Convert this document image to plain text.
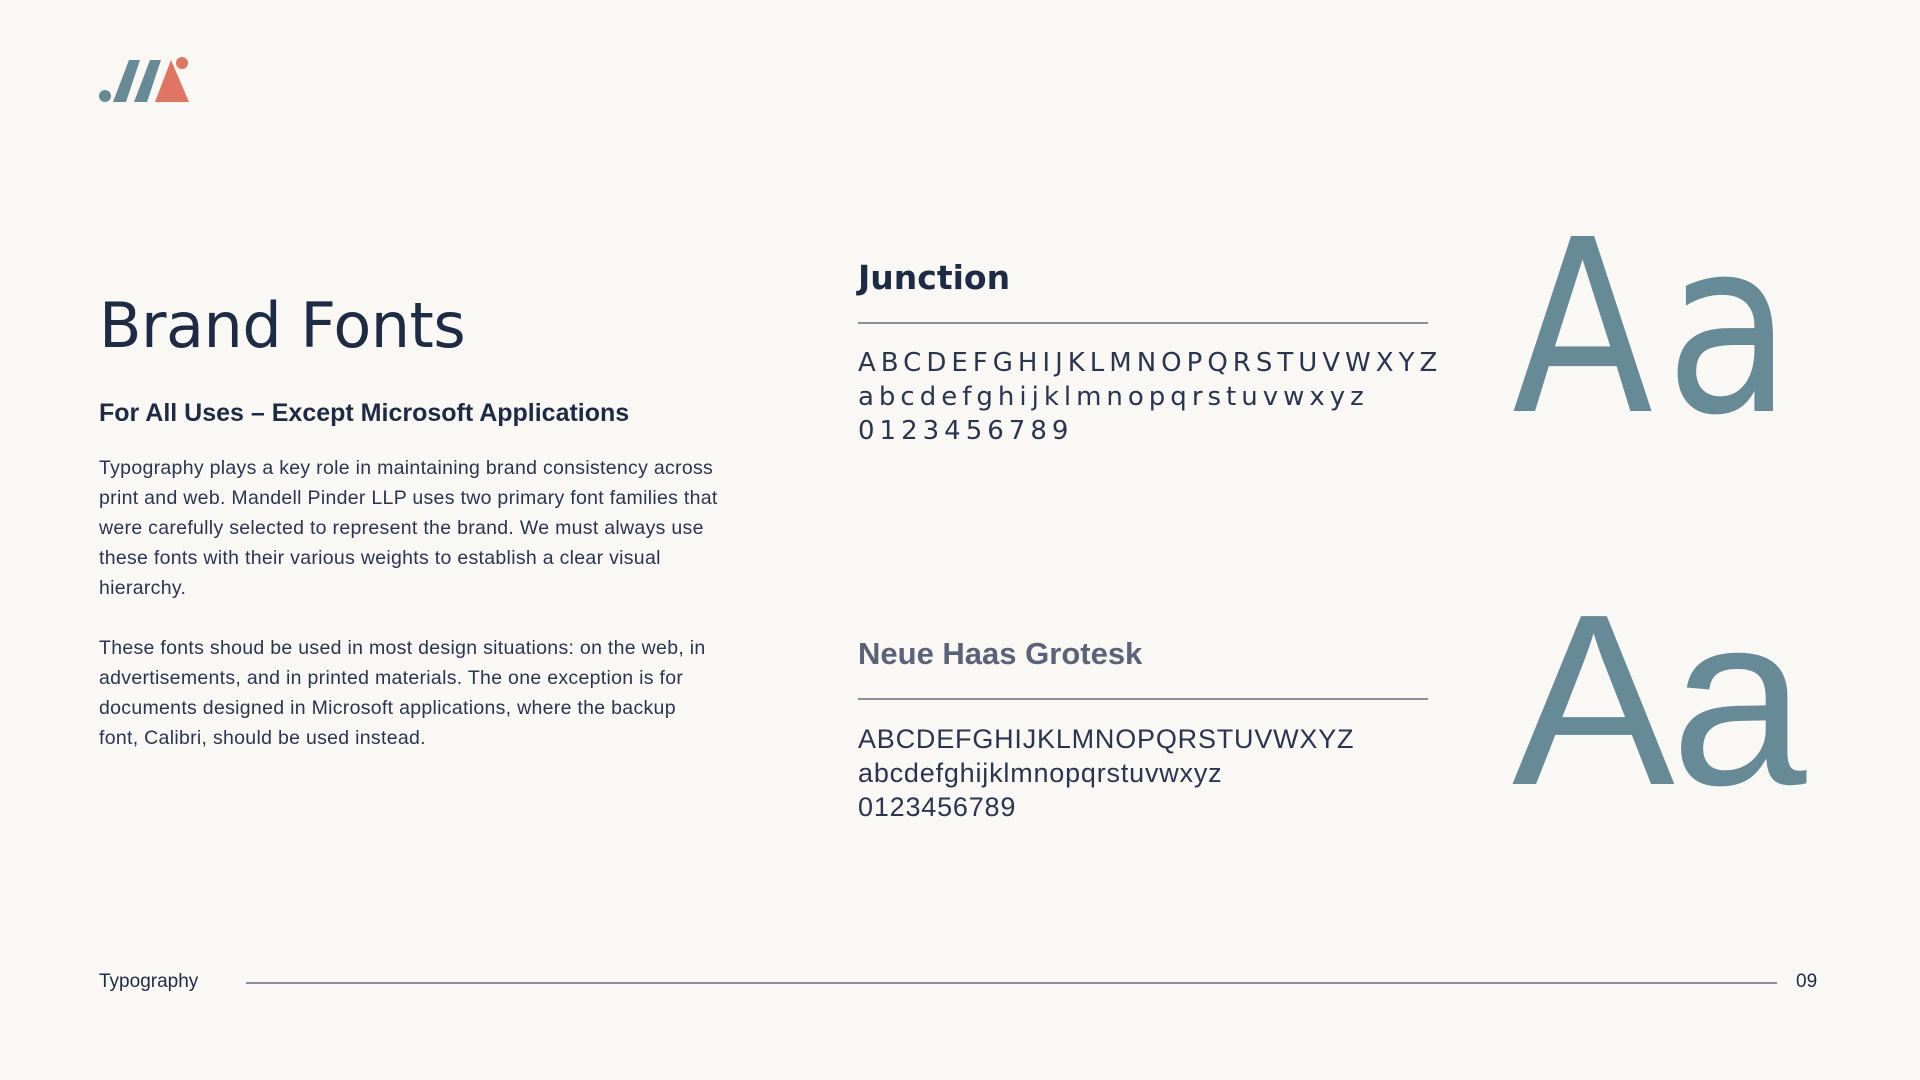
Brand Fonts
For All Uses – Except Microsoft Applications

Typography plays a key role in maintaining brand consistency across print and web. Mandell Pinder LLP uses two primary font families that were carefully selected to represent the brand. We must always use these fonts with their various weights to establish a clear visual hierarchy.

These fonts shoud be used in most design situations: on the web, in advertisements, and in printed materials. The one exception is for documents designed in Microsoft applications, where the backup font, Calibri, should be used instead.

Junction
ABCDEFGHIJKLMNOPQRSTUVWXYZ
abcdefghijklmnopqrstuvwxyz
0123456789	Aa
Neue Haas Grotesk
ABCDEFGHIJKLMNOPQRSTUVWXYZ
abcdefghijklmnopqrstuvwxyz
0123456789	Aa
Typography	09
